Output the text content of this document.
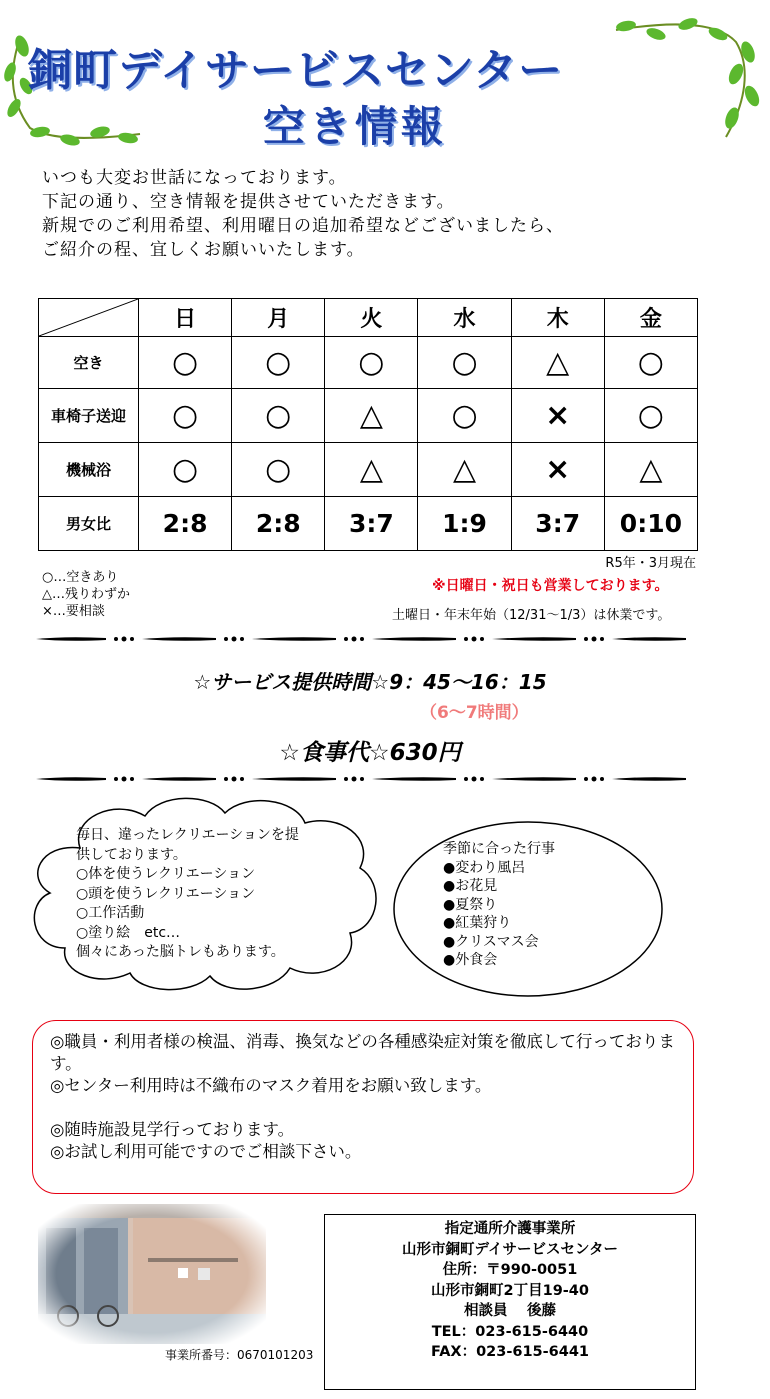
銅町デイサービスセンター
空き情報
いつも大変お世話になっております。
下記の通り、空き情報を提供させていただきます。
新規でのご利用希望、利用曜日の追加希望などございましたら、
ご紹介の程、宜しくお願いいたします。
	日	月	火	水	木	金
空き	○	○	○	○	△	○
車椅子送迎	○	○	△	○	×	○
機械浴	○	○	△	△	×	△
男女比	2:8	2:8	3:7	1:9	3:7	0:10
R5年・3月現在
○…空きあり
△…残りわずか
×…要相談
※日曜日・祝日も営業しております。
土曜日・年末年始（12/31～1/3）は休業です。
☆サービス提供時間☆9：45～16：15
（6～7時間）
☆食事代☆630円
毎日、違ったレクリエーションを提
供しております。
○体を使うレクリエーション
○頭を使うレクリエーション
○工作活動
○塗り絵　etc…
個々にあった脳トレもあります。
季節に合った行事
●変わり風呂
●お花見
●夏祭り
●紅葉狩り
●クリスマス会
●外食会
◎職員・利用者様の検温、消毒、換気などの各種感染症対策を徹底して行っております。
◎センター利用時は不織布のマスク着用をお願い致します。
◎随時施設見学行っております。
◎お試し利用可能ですのでご相談下さい。
事業所番号：0670101203
指定通所介護事業所
山形市銅町デイサービスセンター
住所：〒990-0051
山形市銅町2丁目19-40
相談員　 後藤
TEL：023-615-6440
FAX：023-615-6441
